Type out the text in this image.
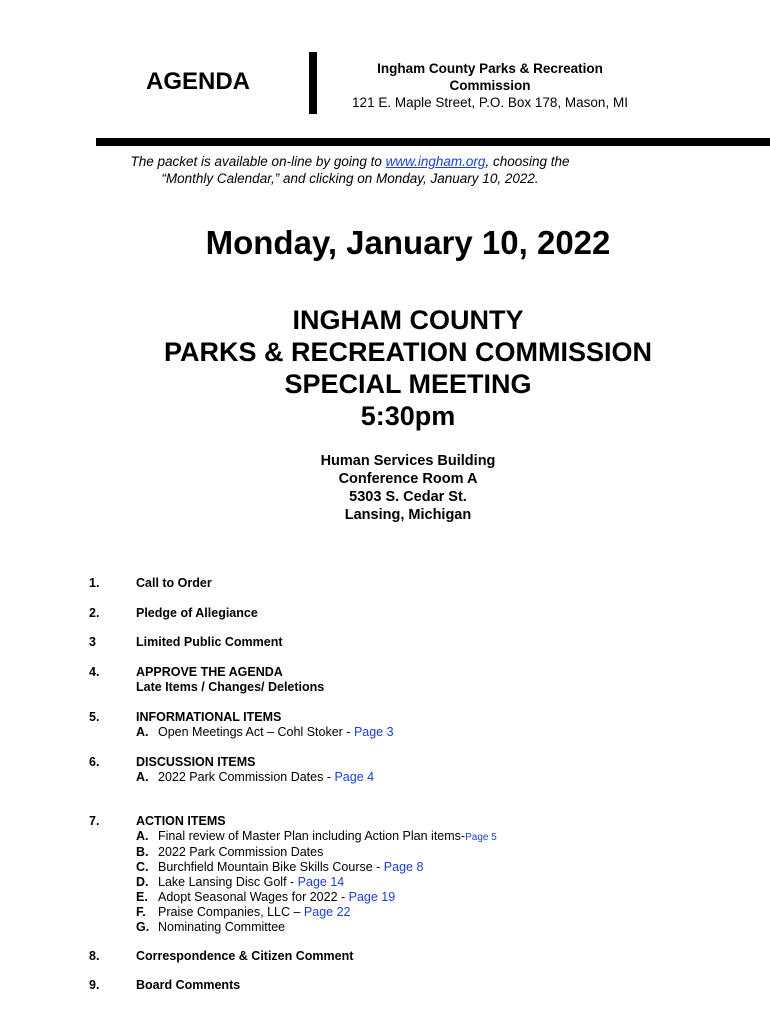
AGENDA	Ingham County Parks & Recreation
Commission
121 E. Maple Street, P.O. Box 178, Mason, MI
The packet is available on-line by going to www.ingham.org, choosing the
“Monthly Calendar,” and clicking on Monday, January 10, 2022.
Monday, January 10, 2022
INGHAM COUNTY
PARKS & RECREATION COMMISSION
SPECIAL MEETING
5:30pm
Human Services Building
Conference Room A
5303 S. Cedar St.
Lansing, Michigan
1.	Call to Order
2.	Pledge of Allegiance
3	Limited Public Comment
4.	APPROVE THE AGENDA
Late Items / Changes/ Deletions
5.	INFORMATIONAL ITEMS
A. Open Meetings Act – Cohl Stoker - Page 3
6.	DISCUSSION ITEMS
A. 2022 Park Commission Dates - Page 4
7.	ACTION ITEMS
A. Final review of Master Plan including Action Plan items-Page 5
B. 2022 Park Commission Dates
C. Burchfield Mountain Bike Skills Course - Page 8
D. Lake Lansing Disc Golf - Page 14
E. Adopt Seasonal Wages for 2022 - Page 19
F. Praise Companies, LLC – Page 22
G. Nominating Committee
8.	Correspondence & Citizen Comment
9.	Board Comments
